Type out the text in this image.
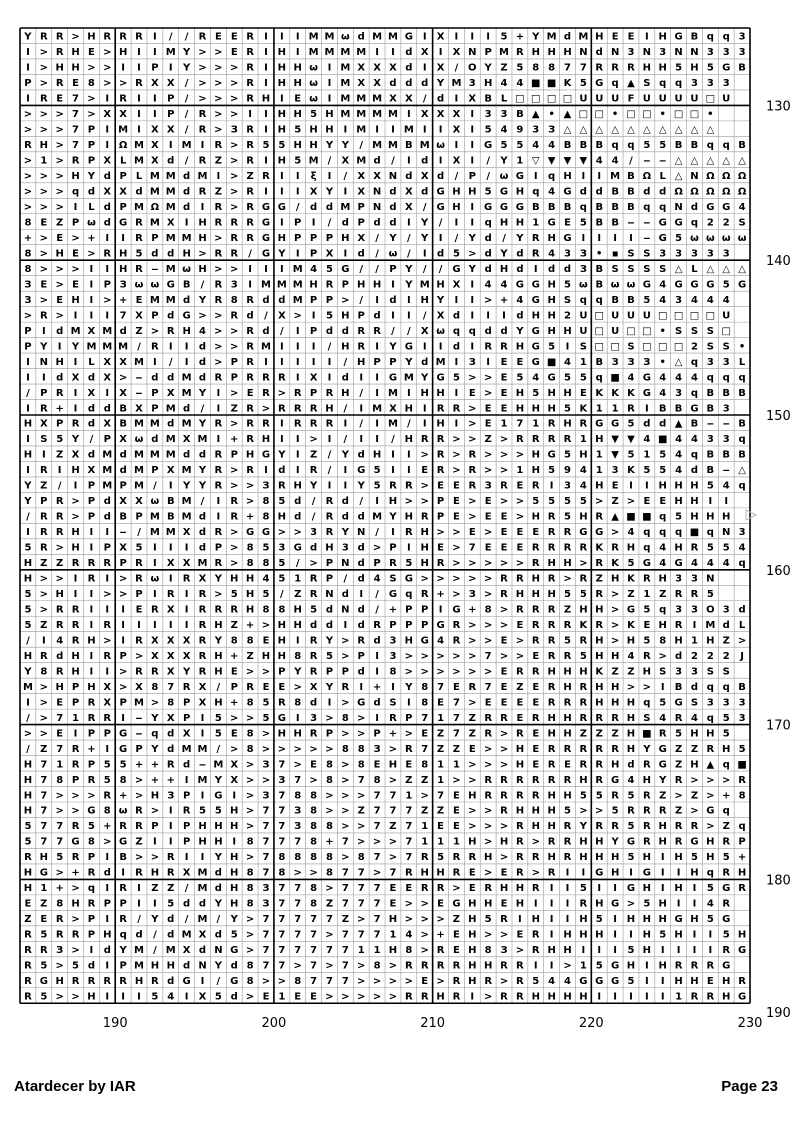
Y R R > H R R R I / / R E E R I I I M M ω d M M G I X I I I 5 + Y M d M H E E I H G B q q 3
I > R H E > H I I M Y > > E R I H I M M M M I I d X I X N P M R H H H N d N 3 N 3 N N 3 3 3
I > H H > > I I P I Y > > > R I H H ω I M X X X d I X / O Y Z 5 8 8 7 7 R R R H H 5 H 5 G B
P > R E 8 > > R X X / > > > R I H H ω I M X X d d d Y M 3 H 4 4 ■ ■ K 5 G q ▲ S q q 3 3 3
I R E 7 > I R I I P / > > > R H I E ω I M M M X X / d I X B L □ □ □ □ U U U F U U U U □ U
> > > 7 > X X I I P / R > > I I H H 5 H M M M M I X X X I 3 3 B ▲ • ▲ □ □ • □ □ • □ □ •
> > > 7 P I M I X X / R > З R I H 5 H H I M I I M I I X I 5 4 9 3 З △ △ △ △ △ △ △ △ △ △
R H > 7 P I Ω M X I M I R > R 5 5 H H Y Y / M M B M ω I I G 5 5 4 4 B B B q q 5 5 B B q q B
> 1 > R P X L M X d / R Z > R I H 5 M / X M d / I d I X I / Y 1 ▽ ▼ ▼ ▼ 4 4 / ‒ ‒ △ △ △ △ △
> > > H Y d P L M M d M I > Z R I I ξ I / X X N d X d / P / ω G I q H I I M B Ω L △ N Ω Ω Ω
> > > q d X X d M M d R Z > R I I I X Y I X N d X d G H H 5 G H q 4 G d d B B d d Ω Ω Ω Ω Ω
> > > I L d P M Ω M d I R > R G G / d d M P N d X / G H I G G G B B B q B B B q q N d G G 4
8 E Z P ω d G R M X I H R R R G I P I / d P d d I Y / I I q H H 1 G E 5 B B ‒ ‒ G G q 2 2 S
+ > E > + I I R P M M H > R R G H P P P H X / Y / Y I / Y d / Y R H G I I I I ‒ G 5 ω ω ω ω
8 > H E > R H 5 d d H > R R / G Y I P X I d / ω / I d 5 > d Y d R 4 3 З • ▪ S S 3 3 3 3 3
8 > > > I I H R ‒ M ω H > > I I I M 4 5 G / / P Y / / G Y d H d I d d З B S S S S △ L △ △ △
З E > E I P З ω ω G B / R 3 I M M M H R P H H I Y M H X I 4 4 G G H 5 ω B ω ω G 4 G G G 5 G
З > E H I > + E M M d Y R 8 R d d M P P > / I d I H Y I I > + 4 G H S q q B B 5 4 3 4 4 4
> R > I I I 7 X P d G > > R d / X > I 5 H P d I I / X d I I I d H H 2 U □ U U U □ □ □ □ U
P I d M X M d Z > R H 4 > > R d / I P d d R R / / X ω q q d d Y G H H U □ U □ □ • S S S □
P Y I Y M M M / R I I d > > R M I I I / H R I Y G I I d I R R H G 5 I S □ □ S □ □ □ 2 S S •
I N H I L X X M I / I d > P R I I I I I / H P P Y d M I З I E E G ■ 4 1 B З З З • △ q 3 3 L
I I d X d X > ‒ d d M d R P R R R I X I d I I G M Y G 5 > > E 5 4 G 5 5 q ■ 4 G 4 4 4 q q q
/ P R I X I X ‒ P X M Y I > E R > R P R H / I M I H H I E > E H 5 H H E K K K G 4 3 q B B B
I R + I d d B X P M d / I Z R > R R R H / I M X H I R R > E E H H H 5 K 1 1 R I B B G B 3
H X P R d X B M M d M Y R > R R I R R R I / I M / I H I > E 1 7 1 R H R G G 5 d d ▲ B ‒ ‒ B
I S 5 Y / P X ω d M X M I + R H I I > I / I I / H R R > > Z > R R R R 1 H ▼ ▼ 4 ■ 4 4 3 3 q
H I Z X d M d M M M d d R P H G Y I Z / Y d H I I > R > R > > > H G 5 H 1 ▼ 5 1 5 4 q B B B
I R I H X M d M P X M Y R > R I d I R / I G 5 I I E R > R > > 1 H 5 9 4 1 3 K 5 5 4 d B ‒ △
Y Z / I P M P M / I Y Y R > > З R H Y I I Y 5 R R > E E R З R E R I 3 4 H E I I H H H 5 4 q
Y P R > P d X X ω B M / I R > 8 5 d / R d / I H > > P E > E > > 5 5 5 5 > Z > E E H H I I
/ R R > P d B P M B M d I R + 8 H d / R d d M Y H R P E > E E > H R 5 H R ▲ ■ ■ q 5 H H H
I R R H I I ‒ / M M X d R > G G > > 3 R Y N / I R H > > E > E E E R R G G > 4 q q q ■ q N 3
5 R > H I P X 5 I I I d P > 8 5 3 G d H 3 d > P I H E > 7 E E E R R R R K R H q 4 H R 5 5 4
H Z Z R R R P R I X X M R > 8 8 5 / > P N d P R 5 H R > > > > > R H H > R K 5 G 4 G 4 4 4 q
H > > I R I > R ω I R X Y H H 4 5 1 R P / d 4 S G > > > > > R R H R > R Z H K R H 3 3 N
5 > H I I > > P I R I R > 5 H 5 / Z R N d I / G q R + > З > R H H H 5 5 R > Z 1 Z R R 5
5 > R R I I I E R X I R R R H 8 8 H 5 d N d / + P P I G + 8 > R R R Z H H > G 5 q 3 3 O 3 d
5 Z R R I R I I I I I R H Z + > H H d d I d R P P P G R > > > E R R R K R > K E H R I M d L
/ I 4 R H > I R X X X R Y 8 8 E H I R Y > R d 3 H G 4 R > > E > R R 5 R H > H 5 8 H 1 H Z >
H R d H I R P > X X X R H + Z H H 8 R 5 > P I 3 > > > > > 7 > > E R R 5 H H 4 R > d 2 2 2 J
Y 8 R H I I > R R X Y R H E > > P Y R P P d I 8 > > > > > > E R R H H H K Z Z H S 3 3 S S
M > H P H X > X 8 7 R X / P R E E > X Y R I + I Y 8 7 E R 7 E Z E R H R H H > > I B d q q B
I > E P R X P M > 8 P X H + 8 5 R 8 d I > G d S I 8 E 7 > E E E E R R R H H H q 5 G S 3 3 3
/ > 7 1 R R I ‒ Y X P I 5 > > 5 G I 3 > 8 > I R P 7 1 7 Z R R E R H H R R R H S 4 R 4 q 5 3
> > E I P P G ‒ q d X I 5 E 8 > H H R P > > P + > E Z 7 Z R > R E H H Z Z Z H ■ R 5 H H 5
/ Z 7 R + I G P Y d M M / > 8 > > > > > 8 8 З > R 7 Z Z E > > H E R R R R R H Y G Z Z R H 5
H 7 1 R P 5 5 + + R d ‒ M X > З 7 > E 8 > 8 E H E 8 1 1 > > > H E R E R R H d R G Z H ▲ q ■
H 7 8 P R 5 8 > + + I M Y X > > З 7 > 8 > 7 8 > Z Z 1 > > R R R R R R H R G 4 H Y R > > > R
H 7 > > > R + > H З P I G I > З 7 8 8 > > > 7 7 1 > 7 E H R R R R H H 5 5 R 5 R Z > Z > + 8
H 7 > > G 8 ω R > I R 5 5 H > 7 7 З 8 > > Z 7 7 7 Z Z E > > R H H H 5 > > 5 R R R Z > G q
5 7 7 R 5 + R R P I P H H H > 7 7 З 8 8 > > 7 Z 7 1 E E > > > R H H R Y R R 5 R H R R > Z q
5 7 7 G 8 > G Z I I P H H I 8 7 7 7 8 + 7 > > > 7 1 1 1 H > H R > R R H H Y G R H R G H R P
R H 5 R P I B > > R I I Y H > 7 8 8 8 8 > 8 7 > 7 R 5 R R H > R R H R H H H 5 H I H 5 H 5 +
H G > + R d I R H R X M d H 8 7 8 > > 8 7 7 > 7 R H H R E > E R > R I I G H I G I I H q R H
H 1 + > q I R I Z Z / M d H 8 З 7 7 8 > 7 7 7 E E R R > E R H H R I I 5 I I G H I H I 5 G R
E Z 8 H R P P I I 5 d d Y H 8 З 7 7 8 Z 7 7 7 E > > E G H H E H I I I R H G > 5 H I I 4 R
Z E R > P I R / Y d / M / Y > 7 7 7 7 7 Z > 7 H > > > Z H 5 R I H I I H 5 I H H H G H 5 G
R 5 R R P H q d / d M X d 5 > 7 7 7 7 > 7 7 7 1 4 > + E H > > E R I H H H I I H 5 H I I 5 H
R R З > I d Y M / M X d N G > 7 7 7 7 7 7 1 1 H 8 > R E H 8 З > R H H I I I 5 H I I I I R G
R 5 > 5 d I P M H H d N Y d 8 7 7 > 7 > 7 > 8 > R R R R H H R R I I > 1 5 G H I H R R R G
R G H R R R R H R d G I / G 8 > > 8 7 7 7 > > > > E > R H R > R 5 4 4 G G G 5 I I H H E H R
R 5 > > H I I I 5 4 I X 5 d > E 1 E E > > > > > R R H R I > R R H H H H I I I I I 1 R R H G
190	200	210	220	230
130
140
150
160
170
180
190
Atardecer by IAR	Page 23
